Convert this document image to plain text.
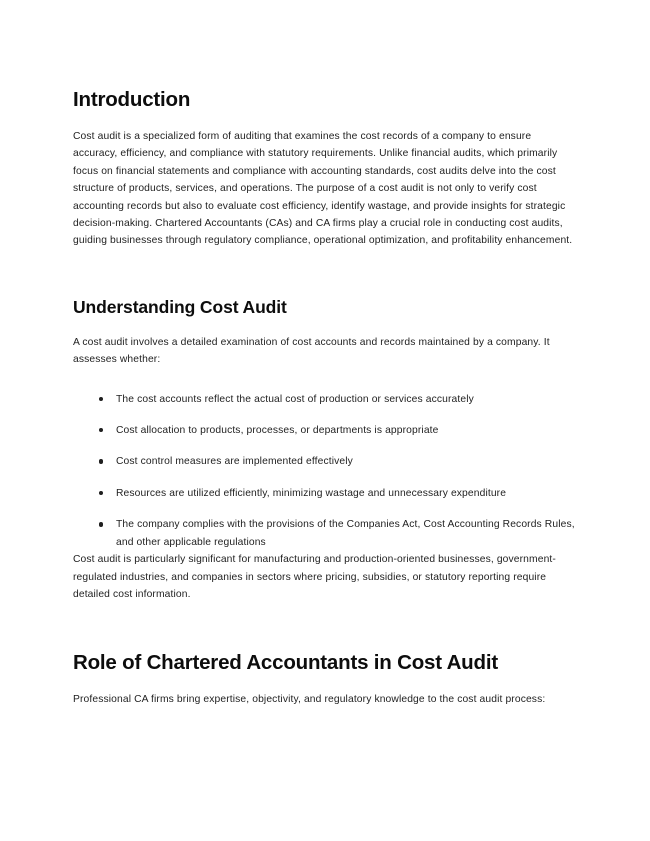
Introduction

Cost audit is a specialized form of auditing that examines the cost records of a company to ensure accuracy, efficiency, and compliance with statutory requirements. Unlike financial audits, which primarily focus on financial statements and compliance with accounting standards, cost audits delve into the cost structure of products, services, and operations. The purpose of a cost audit is not only to verify cost accounting records but also to evaluate cost efficiency, identify wastage, and provide insights for strategic decision-making. Chartered Accountants (CAs) and CA firms play a crucial role in conducting cost audits, guiding businesses through regulatory compliance, operational optimization, and profitability enhancement.

Understanding Cost Audit

A cost audit involves a detailed examination of cost accounts and records maintained by a company. It assesses whether:

The cost accounts reflect the actual cost of production or services accurately
Cost allocation to products, processes, or departments is appropriate
Cost control measures are implemented effectively
Resources are utilized efficiently, minimizing wastage and unnecessary expenditure
The company complies with the provisions of the Companies Act, Cost Accounting Records Rules, and other applicable regulations

Cost audit is particularly significant for manufacturing and production-oriented businesses, government-regulated industries, and companies in sectors where pricing, subsidies, or statutory reporting require detailed cost information.

Role of Chartered Accountants in Cost Audit

Professional CA firms bring expertise, objectivity, and regulatory knowledge to the cost audit process:
